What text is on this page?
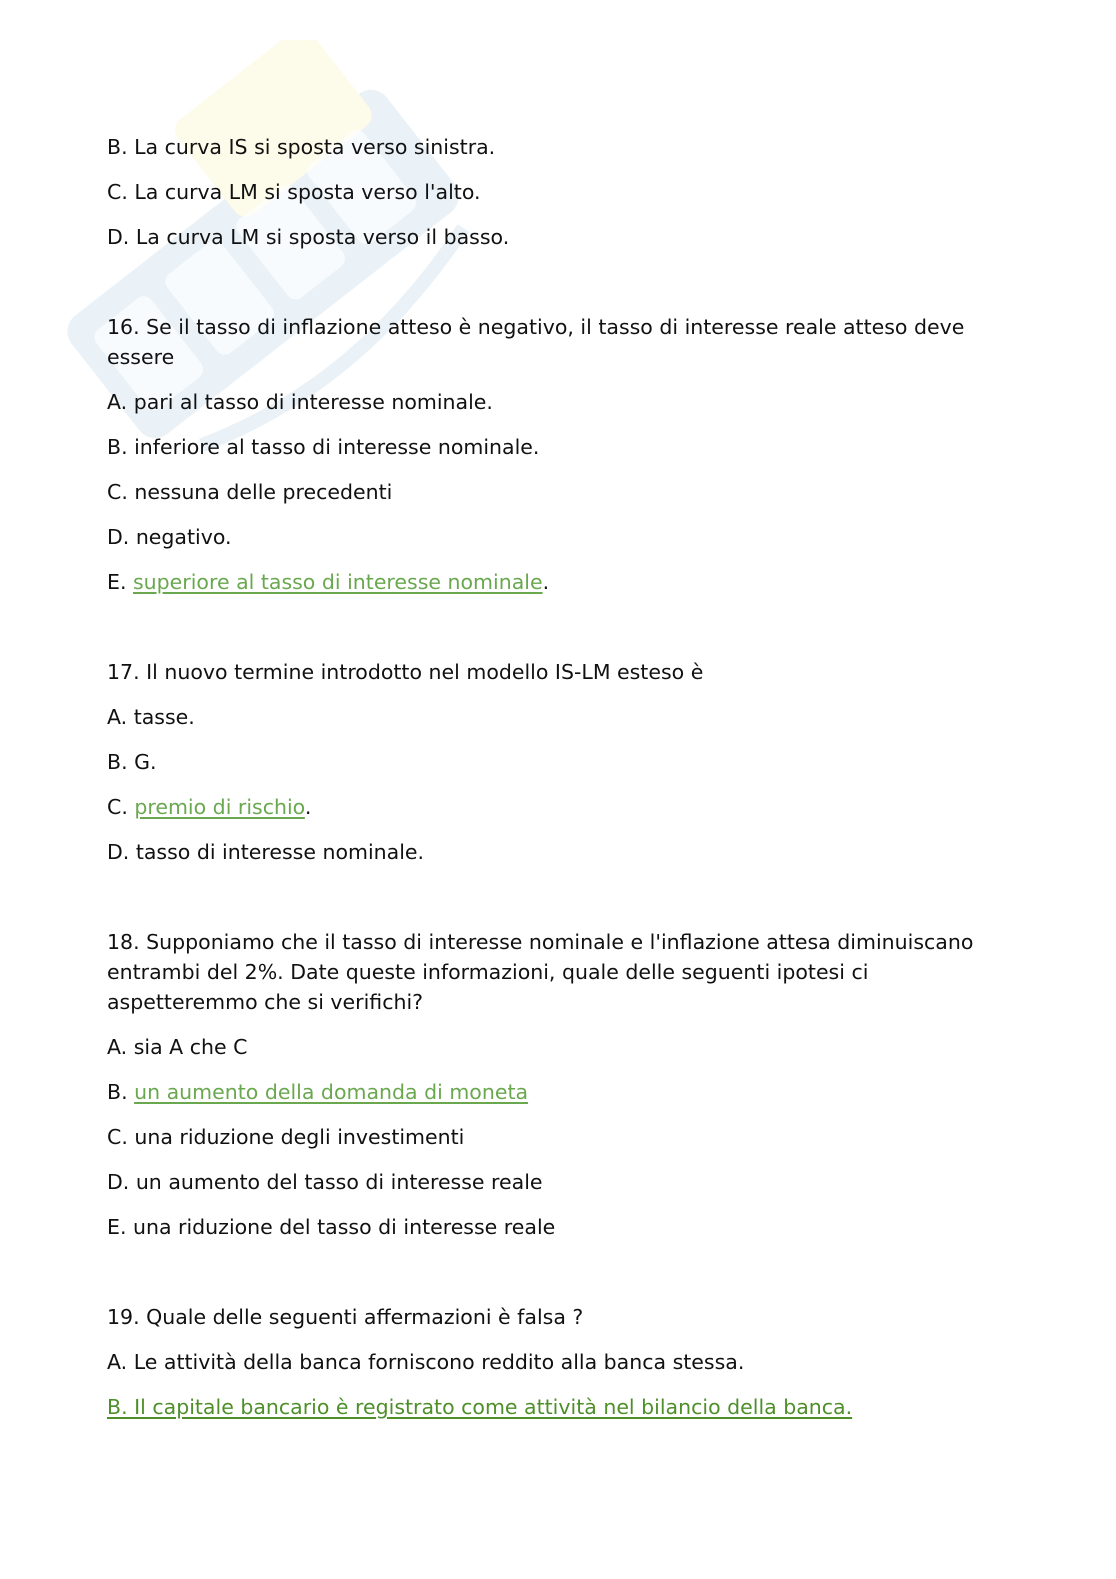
B. La curva IS si sposta verso sinistra.
C. La curva LM si sposta verso l'alto.
D. La curva LM si sposta verso il basso.
16. Se il tasso di inflazione atteso è negativo, il tasso di interesse reale atteso deve essere
A. pari al tasso di interesse nominale.
B. inferiore al tasso di interesse nominale.
C. nessuna delle precedenti
D. negativo.
E. superiore al tasso di interesse nominale.
17. Il nuovo termine introdotto nel modello IS-LM esteso è
A. tasse.
B. G.
C. premio di rischio.
D. tasso di interesse nominale.
18. Supponiamo che il tasso di interesse nominale e l'inflazione attesa diminuiscano entrambi del 2%. Date queste informazioni, quale delle seguenti ipotesi ci aspetteremmo che si verifichi?
A. sia A che C
B. un aumento della domanda di moneta
C. una riduzione degli investimenti
D. un aumento del tasso di interesse reale
E. una riduzione del tasso di interesse reale
19. Quale delle seguenti affermazioni è falsa ?
A. Le attività della banca forniscono reddito alla banca stessa.
B. Il capitale bancario è registrato come attività nel bilancio della banca.
